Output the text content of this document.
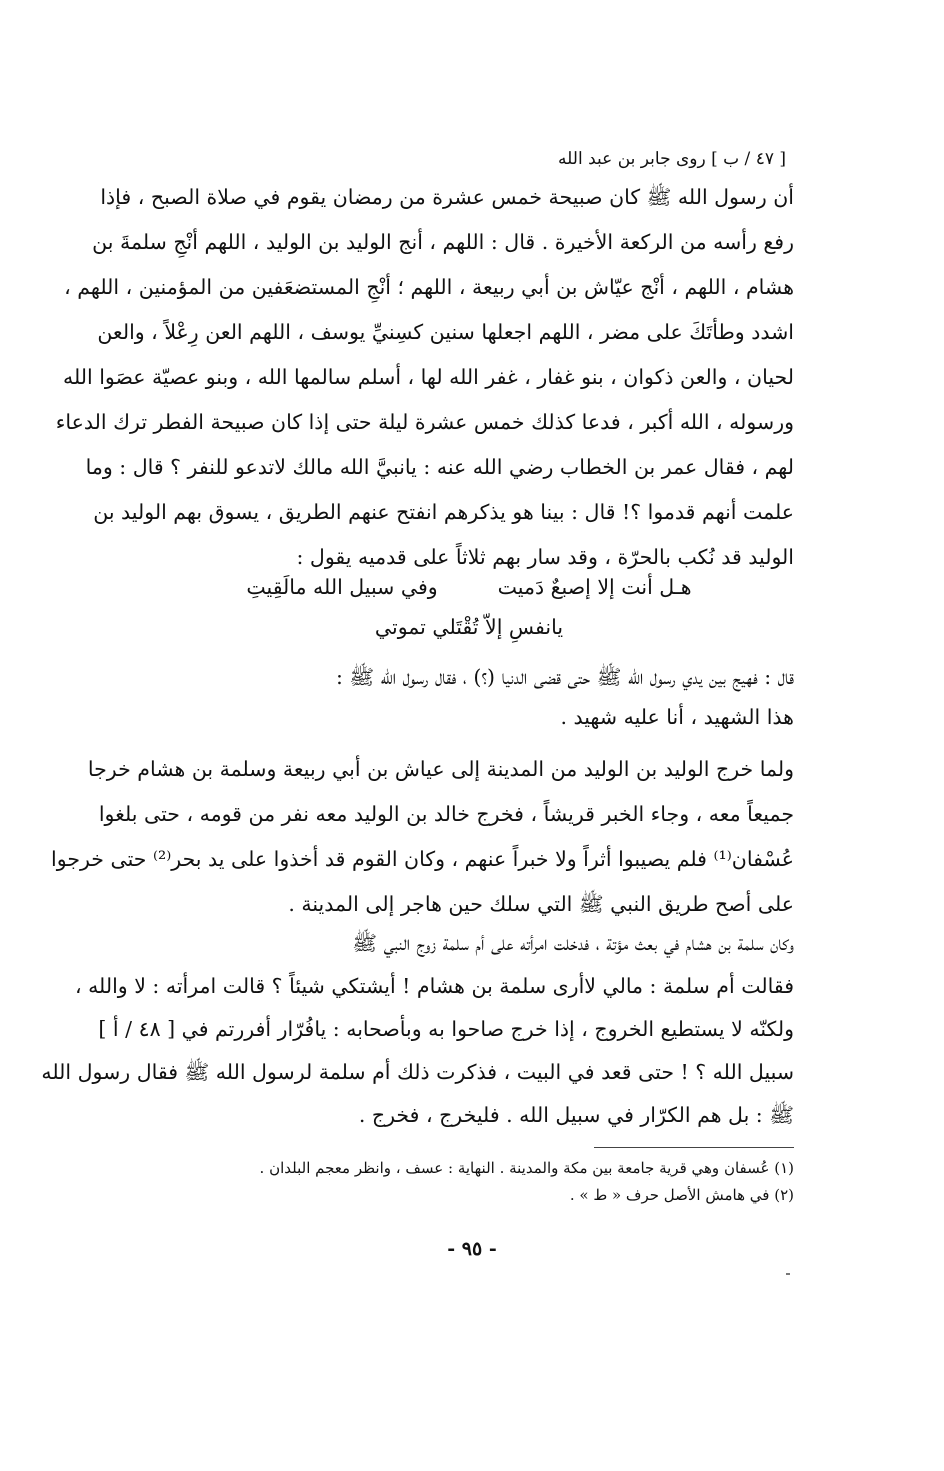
[ ٤٧ / ب ] روى جابر بن عبد الله
أن رسول الله ﷺ كان صبيحة خمس عشرة من رمضان يقوم في صلاة الصبح ، فإذا
رفع رأسه من الركعة الأخيرة . قال : اللهم ، أنج الوليد بن الوليد ، اللهم أنْجِ سلمةَ بن
هشام ، اللهم ، أنْج عيّاش بن أبي ربيعة ، اللهم ؛ أنْجِ المستضعَفين من المؤمنين ، اللهم ،
اشدد وطأتَكَ على مضر ، اللهم اجعلها سنين كسِنيِّ يوسف ، اللهم العن رِعْلاً ، والعن
لحيان ، والعن ذكوان ، بنو غفار ، غفر الله لها ، أسلم سالمها الله ، وبنو عصيّة عصَوا الله
ورسوله ، الله أكبر ، فدعا كذلك خمس عشرة ليلة حتى إذا كان صبيحة الفطر ترك الدعاء
لهم ، فقال عمر بن الخطاب رضي الله عنه : يانبيَّ الله مالك لاتدعو للنفر ؟ قال : وما
علمت أنهم قدموا ؟! قال : بينا هو يذكرهم انفتح عنهم الطريق ، يسوق بهم الوليد بن
الوليد قد نُكب بالحرّة ، وقد سار بهم ثلاثاً على قدميه يقول :
هـل أنت إلا إصبعٌ دَميت
وفي سبيل الله مالَقِيتِ
يانفسِ إلاّ تُقْتَلي تموتي
قال : فهيج بين يدي رسول الله ﷺ حتى قضى الدنيا (؟) ، فقال رسول الله ﷺ :
هذا الشهيد ، أنا عليه شهيد .
ولما خرج الوليد بن الوليد من المدينة إلى عياش بن أبي ربيعة وسلمة بن هشام خرجا
جميعاً معه ، وجاء الخبر قريشاً ، فخرج خالد بن الوليد معه نفر من قومه ، حتى بلغوا
عُسْفان⁽¹⁾ فلم يصيبوا أثراً ولا خبراً عنهم ، وكان القوم قد أخذوا على يد بحر⁽²⁾ حتى خرجوا
على أصح طريق النبي ﷺ التي سلك حين هاجر إلى المدينة .
وكان سلمة بن هشام في بعث مؤتة ، فدخلت امرأته على أم سلمة زوج النبي ﷺ
فقالت أم سلمة : مالي لاأرى سلمة بن هشام ! أيشتكي شيئاً ؟ قالت امرأته : لا والله ،
ولكنّه لا يستطيع الخروج ، إذا خرج صاحوا به وبأصحابه : يافُرّار أفررتم في [ ٤٨ / أ ]
سبيل الله ؟ ! حتى قعد في البيت ، فذكرت ذلك أم سلمة لرسول الله ﷺ فقال رسول الله
ﷺ : بل هم الكرّار في سبيل الله . فليخرج ، فخرج .
(١) عُسفان وهي قرية جامعة بين مكة والمدينة . النهاية : عسف ، وانظر معجم البلدان .
(٢) في هامش الأصل حرف « ط » .
- ٩٥ -
